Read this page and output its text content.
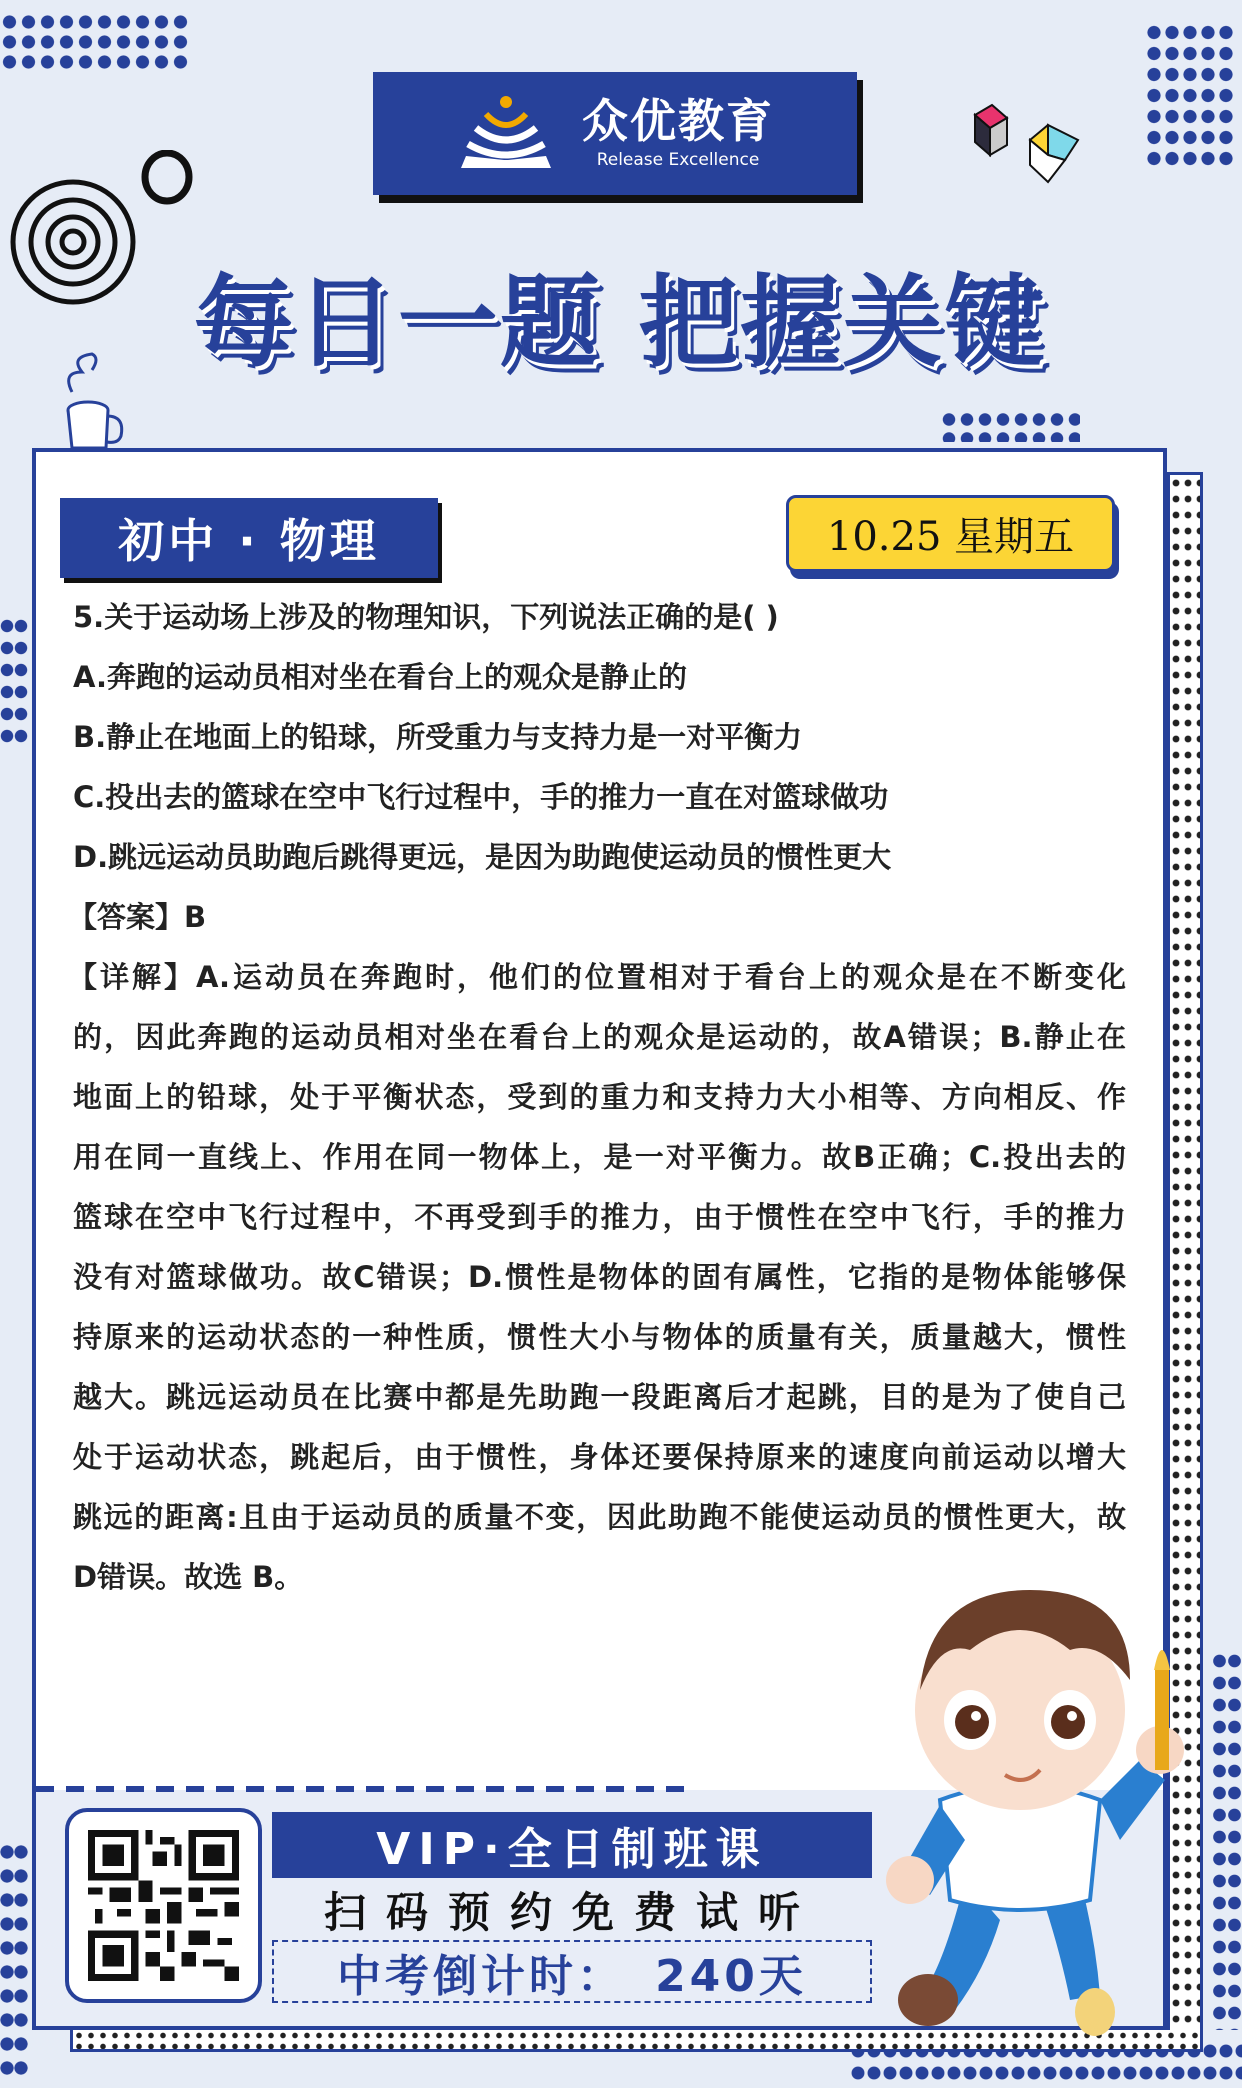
众优教育
Release Excellence
每日一题 把握关键
初中 · 物理	10.25 星期五
5.关于运动场上涉及的物理知识，下列说法正确的是( )
A.奔跑的运动员相对坐在看台上的观众是静止的
B.静止在地面上的铅球，所受重力与支持力是一对平衡力
C.投出去的篮球在空中飞行过程中，手的推力一直在对篮球做功
D.跳远运动员助跑后跳得更远，是因为助跑使运动员的惯性更大
【答案】B
【详解】A.运动员在奔跑时，他们的位置相对于看台上的观众是在不断变化
的，因此奔跑的运动员相对坐在看台上的观众是运动的，故A错误；B.静止在
地面上的铅球，处于平衡状态，受到的重力和支持力大小相等、方向相反、作
用在同一直线上、作用在同一物体上，是一对平衡力。故B正确；C.投出去的
篮球在空中飞行过程中，不再受到手的推力，由于惯性在空中飞行，手的推力
没有对篮球做功。故C错误；D.惯性是物体的固有属性，它指的是物体能够保
持原来的运动状态的一种性质，惯性大小与物体的质量有关，质量越大，惯性
越大。跳远运动员在比赛中都是先助跑一段距离后才起跳，目的是为了使自己
处于运动状态，跳起后，由于惯性，身体还要保持原来的速度向前运动以增大
跳远的距离:且由于运动员的质量不变，因此助跑不能使运动员的惯性更大，故
D错误。故选 B。
VIP·全日制班课
扫码预约免费试听
中考倒计时： 240天
